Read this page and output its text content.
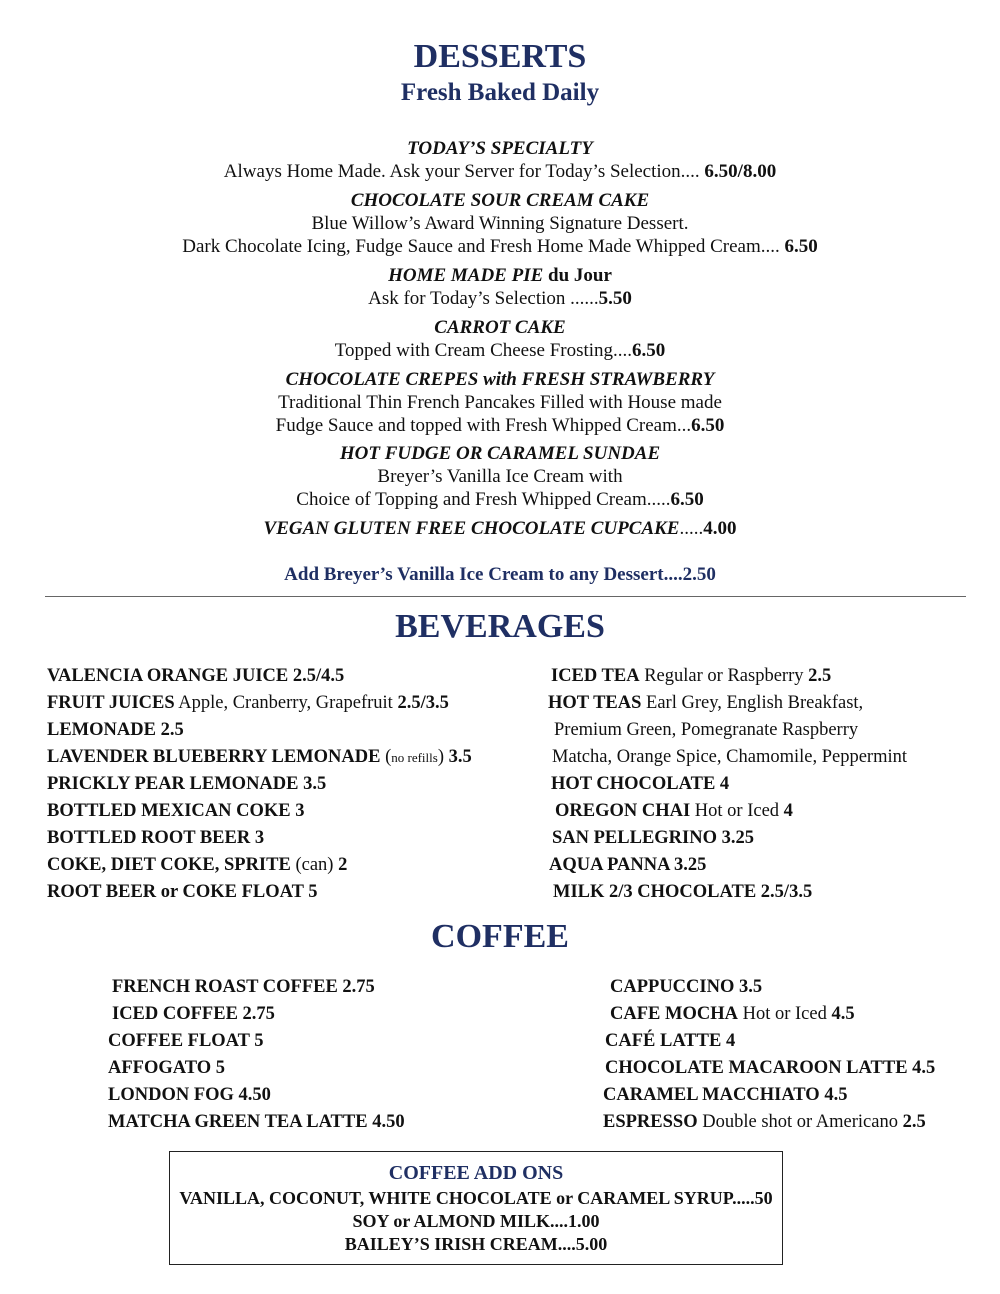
DESSERTS
Fresh Baked Daily
TODAY’S SPECIALTY
Always Home Made. Ask your Server for Today’s Selection.... 6.50/8.00
CHOCOLATE SOUR CREAM CAKE
Blue Willow’s Award Winning Signature Dessert.
Dark Chocolate Icing, Fudge Sauce and Fresh Home Made Whipped Cream.... 6.50
HOME MADE PIE du Jour
Ask for Today’s Selection ......5.50
CARROT CAKE
Topped with Cream Cheese Frosting....6.50
CHOCOLATE CREPES with FRESH STRAWBERRY
Traditional Thin French Pancakes Filled with House made
Fudge Sauce and topped with Fresh Whipped Cream...6.50
HOT FUDGE OR CARAMEL SUNDAE
Breyer’s Vanilla Ice Cream with
Choice of Topping and Fresh Whipped Cream.....6.50
VEGAN GLUTEN FREE CHOCOLATE CUPCAKE.....4.00
Add Breyer’s Vanilla Ice Cream to any Dessert....2.50
BEVERAGES
VALENCIA ORANGE JUICE 2.5/4.5
FRUIT JUICES Apple, Cranberry, Grapefruit 2.5/3.5
LEMONADE 2.5
LAVENDER BLUEBERRY LEMONADE (no refills) 3.5
PRICKLY PEAR LEMONADE 3.5
BOTTLED MEXICAN COKE 3
BOTTLED ROOT BEER 3
COKE, DIET COKE, SPRITE (can) 2
ROOT BEER or COKE FLOAT 5
ICED TEA Regular or Raspberry 2.5
HOT TEAS Earl Grey, English Breakfast,
Premium Green, Pomegranate Raspberry
Matcha, Orange Spice, Chamomile, Peppermint
HOT CHOCOLATE 4
OREGON CHAI Hot or Iced 4
SAN PELLEGRINO 3.25
AQUA PANNA 3.25
MILK 2/3 CHOCOLATE 2.5/3.5
COFFEE
FRENCH ROAST COFFEE 2.75
ICED COFFEE 2.75
COFFEE FLOAT 5
AFFOGATO 5
LONDON FOG 4.50
MATCHA GREEN TEA LATTE 4.50
CAPPUCCINO 3.5
CAFE MOCHA Hot or Iced 4.5
CAFÉ LATTE 4
CHOCOLATE MACAROON LATTE 4.5
CARAMEL MACCHIATO 4.5
ESPRESSO Double shot or Americano 2.5
COFFEE ADD ONS
VANILLA, COCONUT, WHITE CHOCOLATE or CARAMEL SYRUP.....50
SOY or ALMOND MILK....1.00
BAILEY’S IRISH CREAM....5.00
